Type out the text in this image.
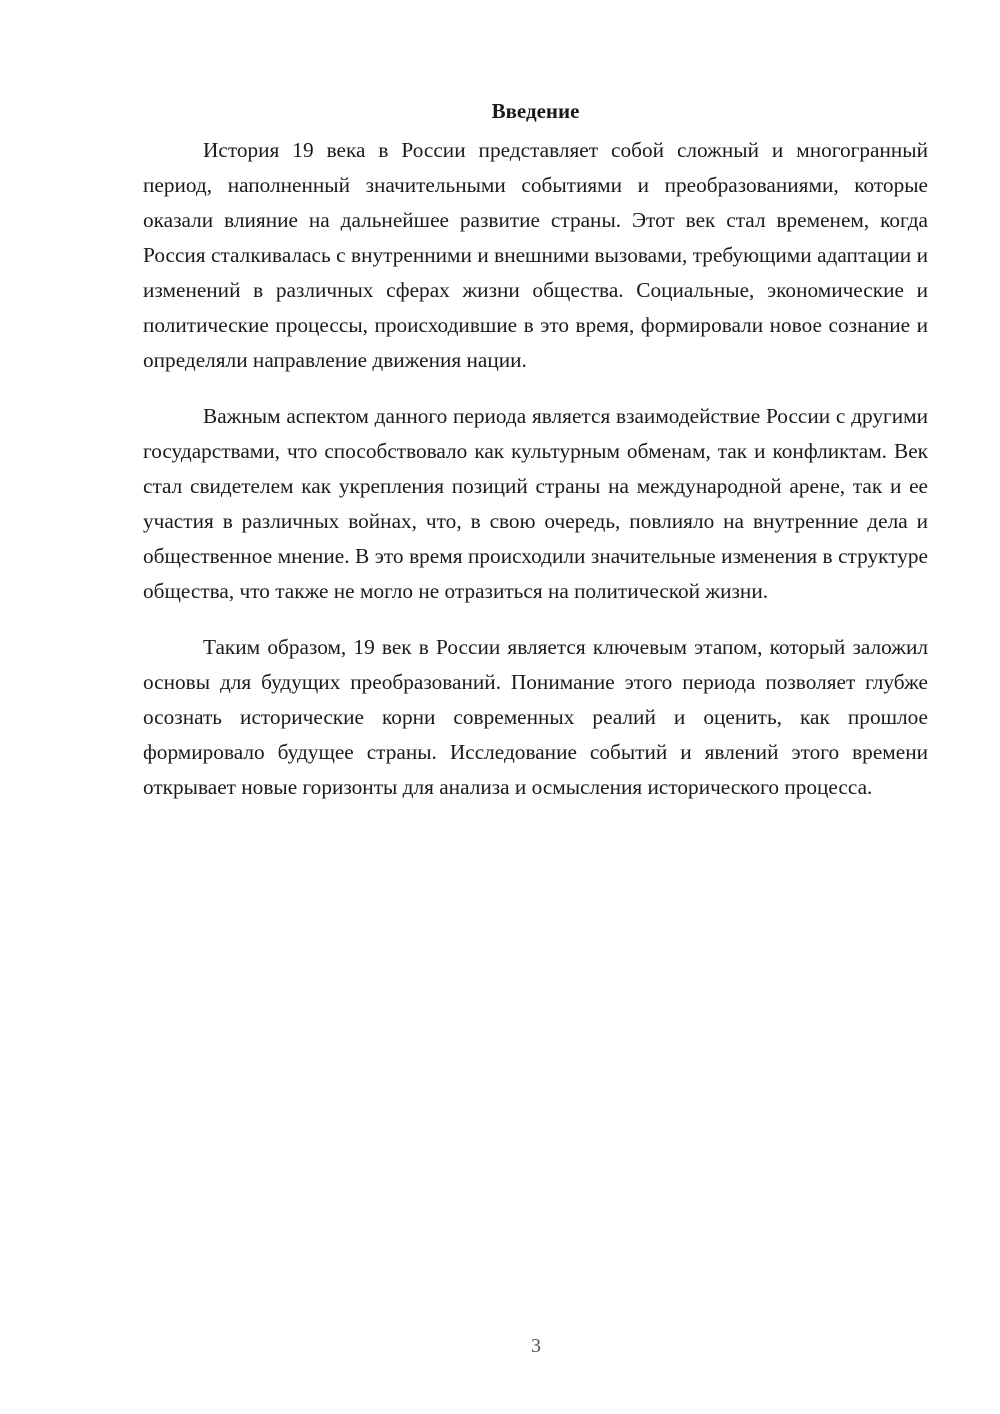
Введение

История 19 века в России представляет собой сложный и многогранный период, наполненный значительными событиями и преобразованиями, которые оказали влияние на дальнейшее развитие страны. Этот век стал временем, когда Россия сталкивалась с внутренними и внешними вызовами, требующими адаптации и изменений в различных сферах жизни общества. Социальные, экономические и политические процессы, происходившие в это время, формировали новое сознание и определяли направление движения нации.

Важным аспектом данного периода является взаимодействие России с другими государствами, что способствовало как культурным обменам, так и конфликтам. Век стал свидетелем как укрепления позиций страны на международной арене, так и ее участия в различных войнах, что, в свою очередь, повлияло на внутренние дела и общественное мнение. В это время происходили значительные изменения в структуре общества, что также не могло не отразиться на политической жизни.

Таким образом, 19 век в России является ключевым этапом, который заложил основы для будущих преобразований. Понимание этого периода позволяет глубже осознать исторические корни современных реалий и оценить, как прошлое формировало будущее страны. Исследование событий и явлений этого времени открывает новые горизонты для анализа и осмысления исторического процесса.

3
